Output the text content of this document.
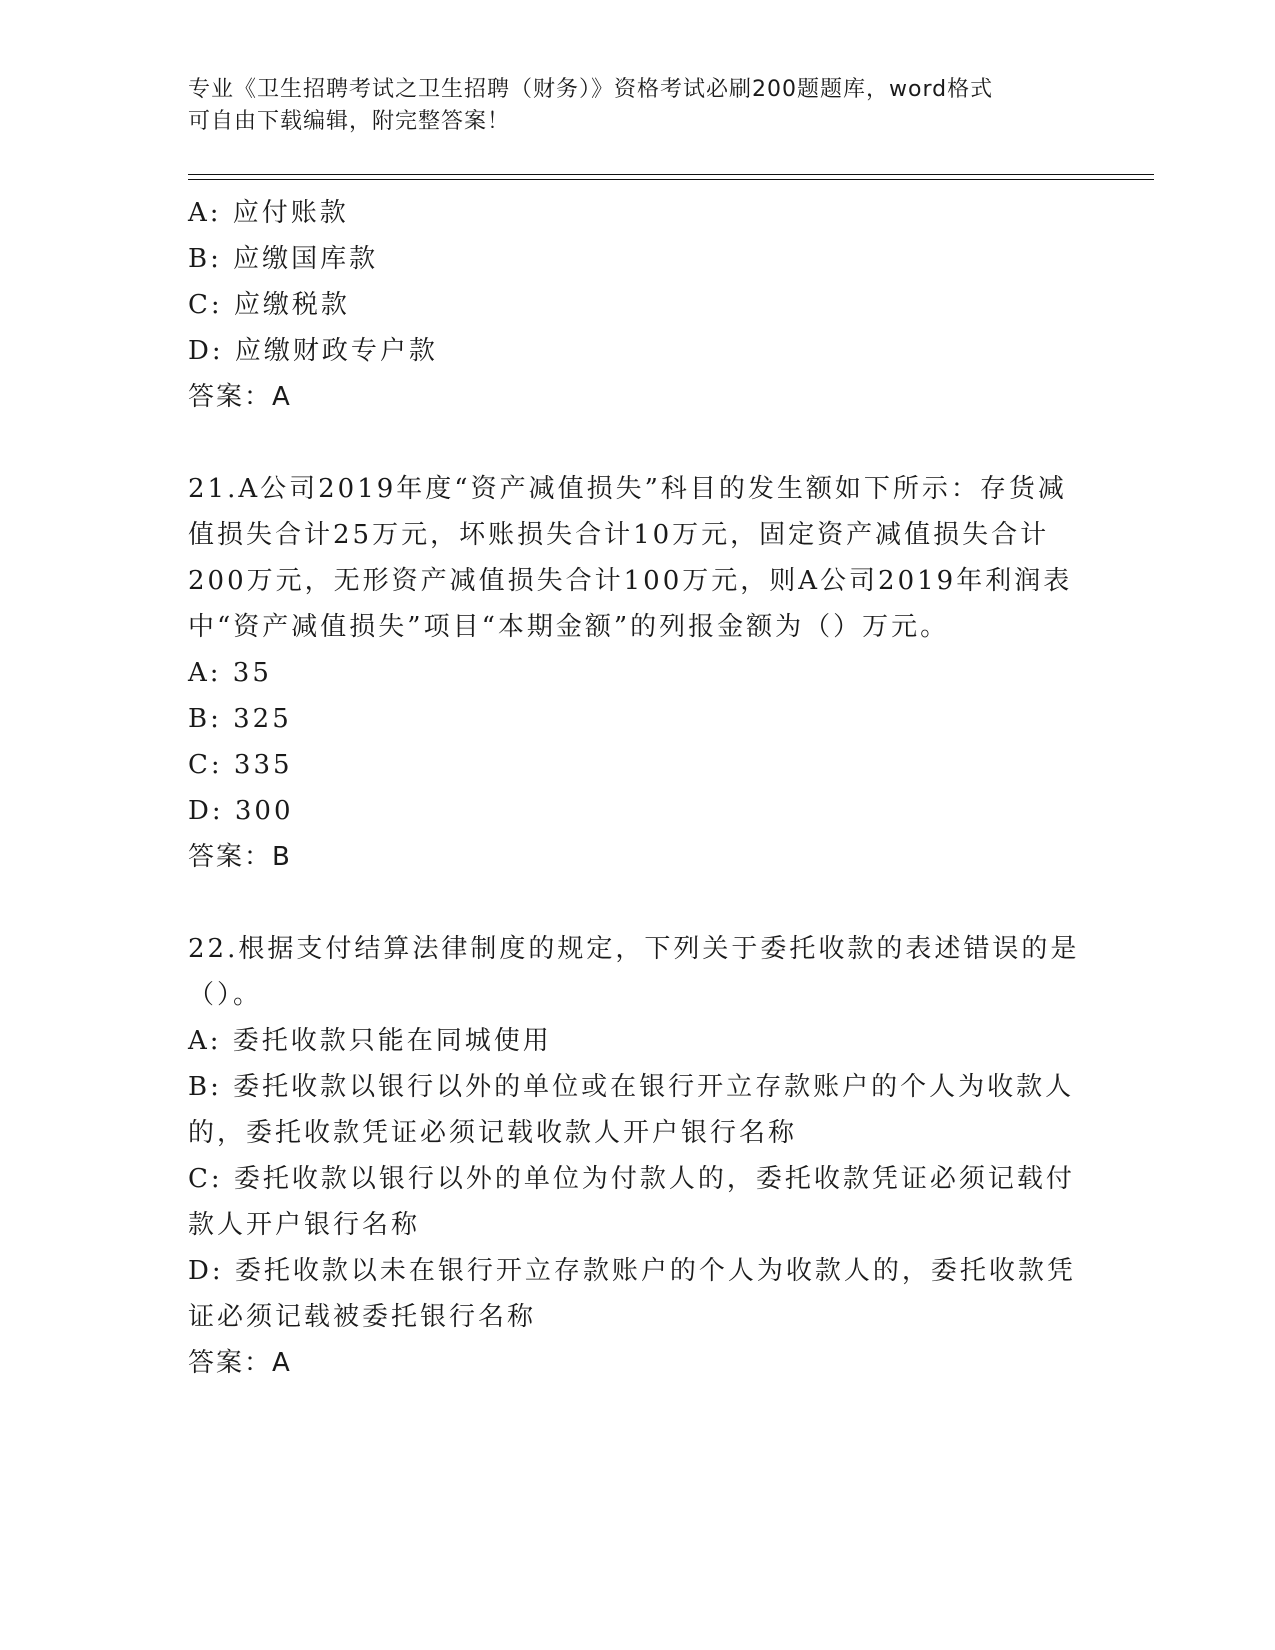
专业《卫生招聘考试之卫生招聘（财务）》资格考试必刷200题题库，word格式
可自由下载编辑，附完整答案！

A: 应付账款

B: 应缴国库款

C: 应缴税款

D: 应缴财政专户款

答案：A

21.A公司2019年度“资产减值损失”科目的发生额如下所示：存货减

值损失合计25万元，坏账损失合计10万元，固定资产减值损失合计

200万元，无形资产减值损失合计100万元，则A公司2019年利润表

中“资产减值损失”项目“本期金额”的列报金额为（）万元。

A: 35

B: 325

C: 335

D: 300

答案：B

22.根据支付结算法律制度的规定，下列关于委托收款的表述错误的是

（）。

A: 委托收款只能在同城使用

B: 委托收款以银行以外的单位或在银行开立存款账户的个人为收款人

的，委托收款凭证必须记载收款人开户银行名称

C: 委托收款以银行以外的单位为付款人的，委托收款凭证必须记载付

款人开户银行名称

D: 委托收款以未在银行开立存款账户的个人为收款人的，委托收款凭

证必须记载被委托银行名称

答案：A
